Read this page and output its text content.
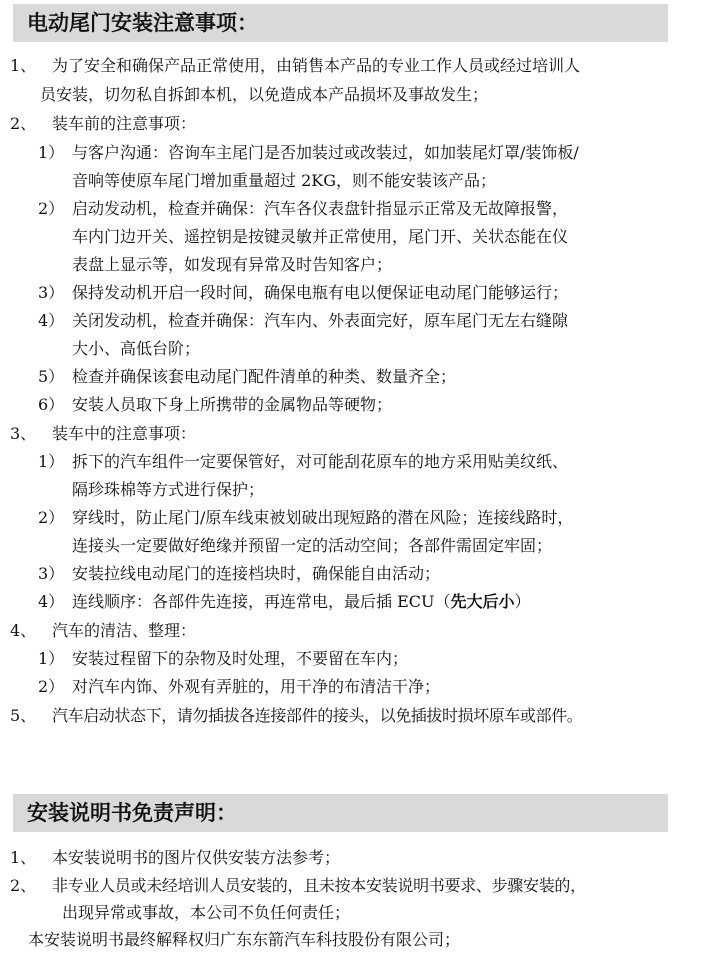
电动尾门安装注意事项：
1、 为了安全和确保产品正常使用，由销售本产品的专业工作人员或经过培训人
员安装，切勿私自拆卸本机，以免造成本产品损坏及事故发生；
2、 装车前的注意事项：
1） 与客户沟通：咨询车主尾门是否加装过或改装过，如加装尾灯罩/装饰板/
音响等使原车尾门增加重量超过 2KG，则不能安装该产品；
2） 启动发动机，检查并确保：汽车各仪表盘针指显示正常及无故障报警，
车内门边开关、遥控钥是按键灵敏并正常使用，尾门开、关状态能在仪
表盘上显示等，如发现有异常及时告知客户；
3） 保持发动机开启一段时间，确保电瓶有电以便保证电动尾门能够运行；
4） 关闭发动机，检查并确保：汽车内、外表面完好，原车尾门无左右缝隙
大小、高低台阶；
5） 检查并确保该套电动尾门配件清单的种类、数量齐全；
6） 安装人员取下身上所携带的金属物品等硬物；
3、 装车中的注意事项：
1） 拆下的汽车组件一定要保管好，对可能刮花原车的地方采用贴美纹纸、
隔珍珠棉等方式进行保护；
2） 穿线时，防止尾门/原车线束被划破出现短路的潜在风险；连接线路时，
连接头一定要做好绝缘并预留一定的活动空间；各部件需固定牢固；
3） 安装拉线电动尾门的连接档块时，确保能自由活动；
4） 连线顺序：各部件先连接，再连常电，最后插 ECU（先大后小）
4、 汽车的清洁、整理：
1） 安装过程留下的杂物及时处理，不要留在车内；
2） 对汽车内饰、外观有弄脏的，用干净的布清洁干净；
5、 汽车启动状态下，请勿插拔各连接部件的接头，以免插拔时损坏原车或部件。
安装说明书免责声明：
1、 本安装说明书的图片仅供安装方法参考；
2、 非专业人员或未经培训人员安装的，且未按本安装说明书要求、步骤安装的，
出现异常或事故，本公司不负任何责任；
本安装说明书最终解释权归广东东箭汽车科技股份有限公司；
